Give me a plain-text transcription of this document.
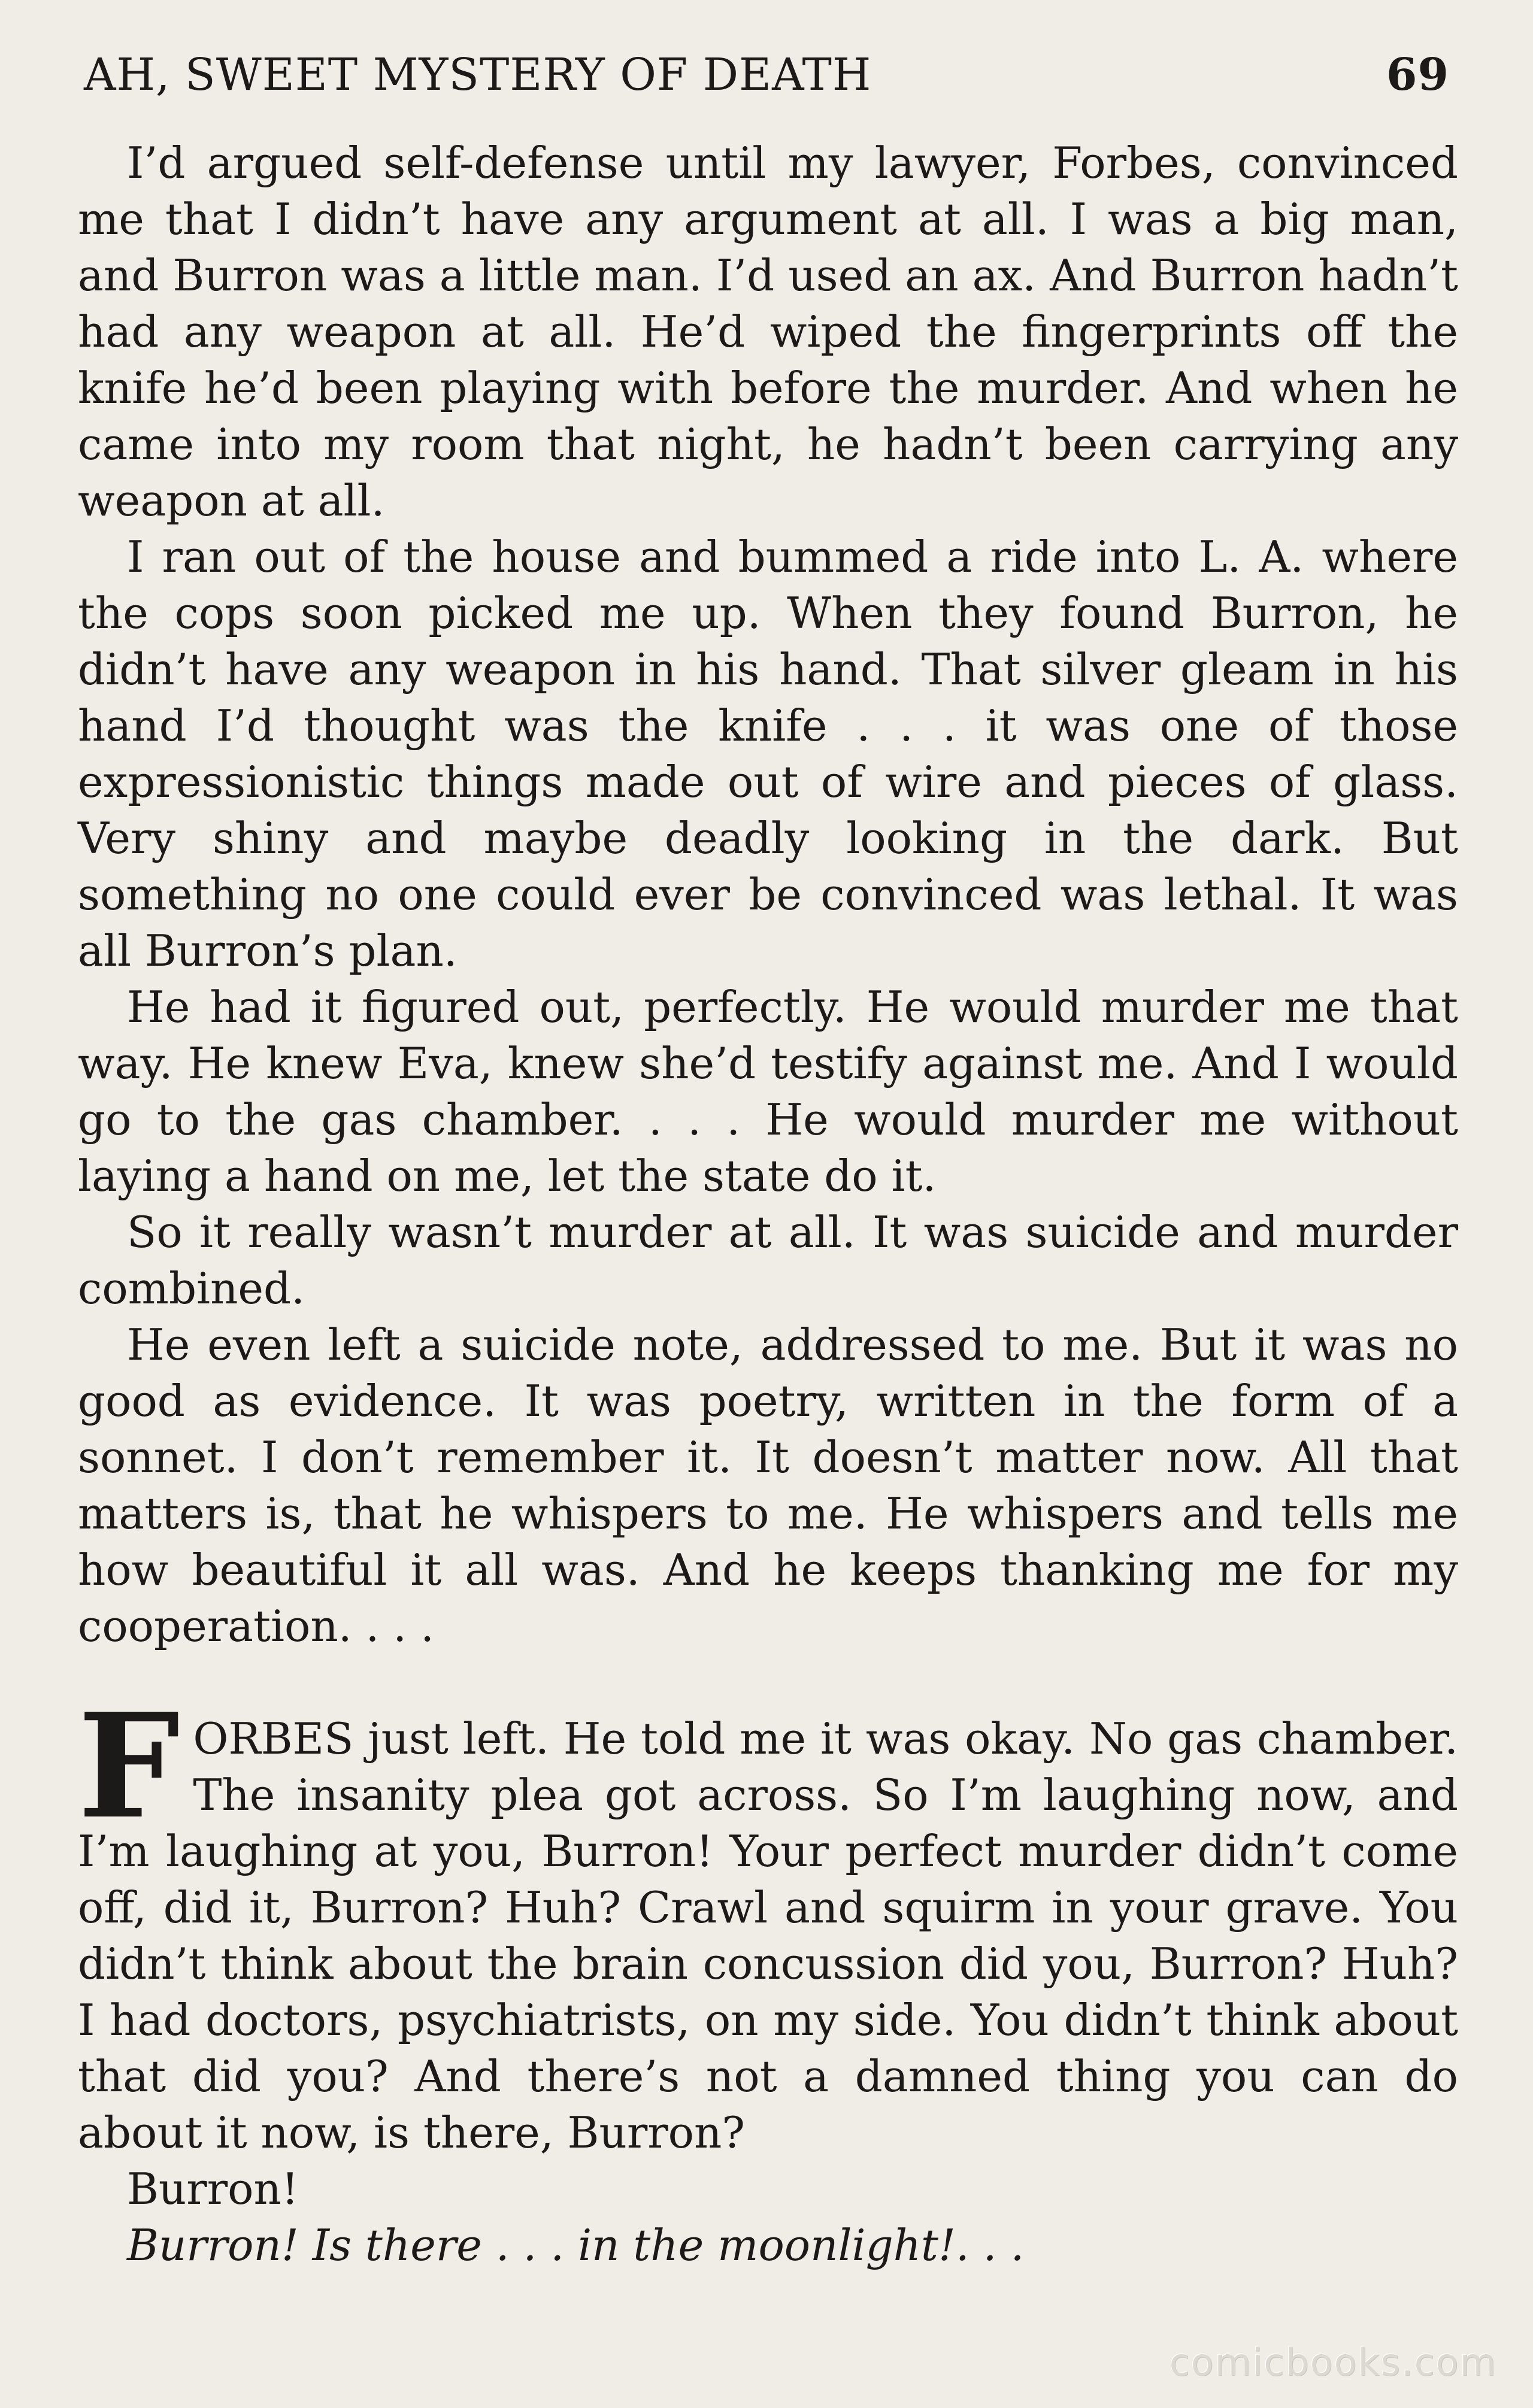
AH, SWEET MYSTERY OF DEATH	69

I’d argued self-defense until my lawyer, Forbes, convinced me that I didn’t have any argument at all. I was a big man, and Burron was a little man. I’d used an ax. And Burron hadn’t had any weapon at all. He’d wiped the fingerprints off the knife he’d been playing with before the murder. And when he came into my room that night, he hadn’t been carrying any weapon at all.

I ran out of the house and bummed a ride into L. A. where the cops soon picked me up. When they found Burron, he didn’t have any weapon in his hand. That silver gleam in his hand I’d thought was the knife . . . it was one of those expressionistic things made out of wire and pieces of glass. Very shiny and maybe deadly looking in the dark. But something no one could ever be convinced was lethal. It was all Burron’s plan.

He had it figured out, perfectly. He would murder me that way. He knew Eva, knew she’d testify against me. And I would go to the gas chamber. . . . He would murder me without laying a hand on me, let the state do it.

So it really wasn’t murder at all. It was suicide and murder combined.

He even left a suicide note, addressed to me. But it was no good as evidence. It was poetry, written in the form of a sonnet. I don’t remember it. It doesn’t matter now. All that matters is, that he whispers to me. He whispers and tells me how beautiful it all was. And he keeps thanking me for my cooperation. . . .

FORBES just left. He told me it was okay. No gas chamber. The insanity plea got across. So I’m laughing now, and I’m laughing at you, Burron! Your perfect murder didn’t come off, did it, Burron? Huh? Crawl and squirm in your grave. You didn’t think about the brain concussion did you, Burron? Huh? I had doctors, psychiatrists, on my side. You didn’t think about that did you? And there’s not a damned thing you can do about it now, is there, Burron?

Burron!

Burron! Is there . . . in the moonlight!. . .

comicbooks.com
